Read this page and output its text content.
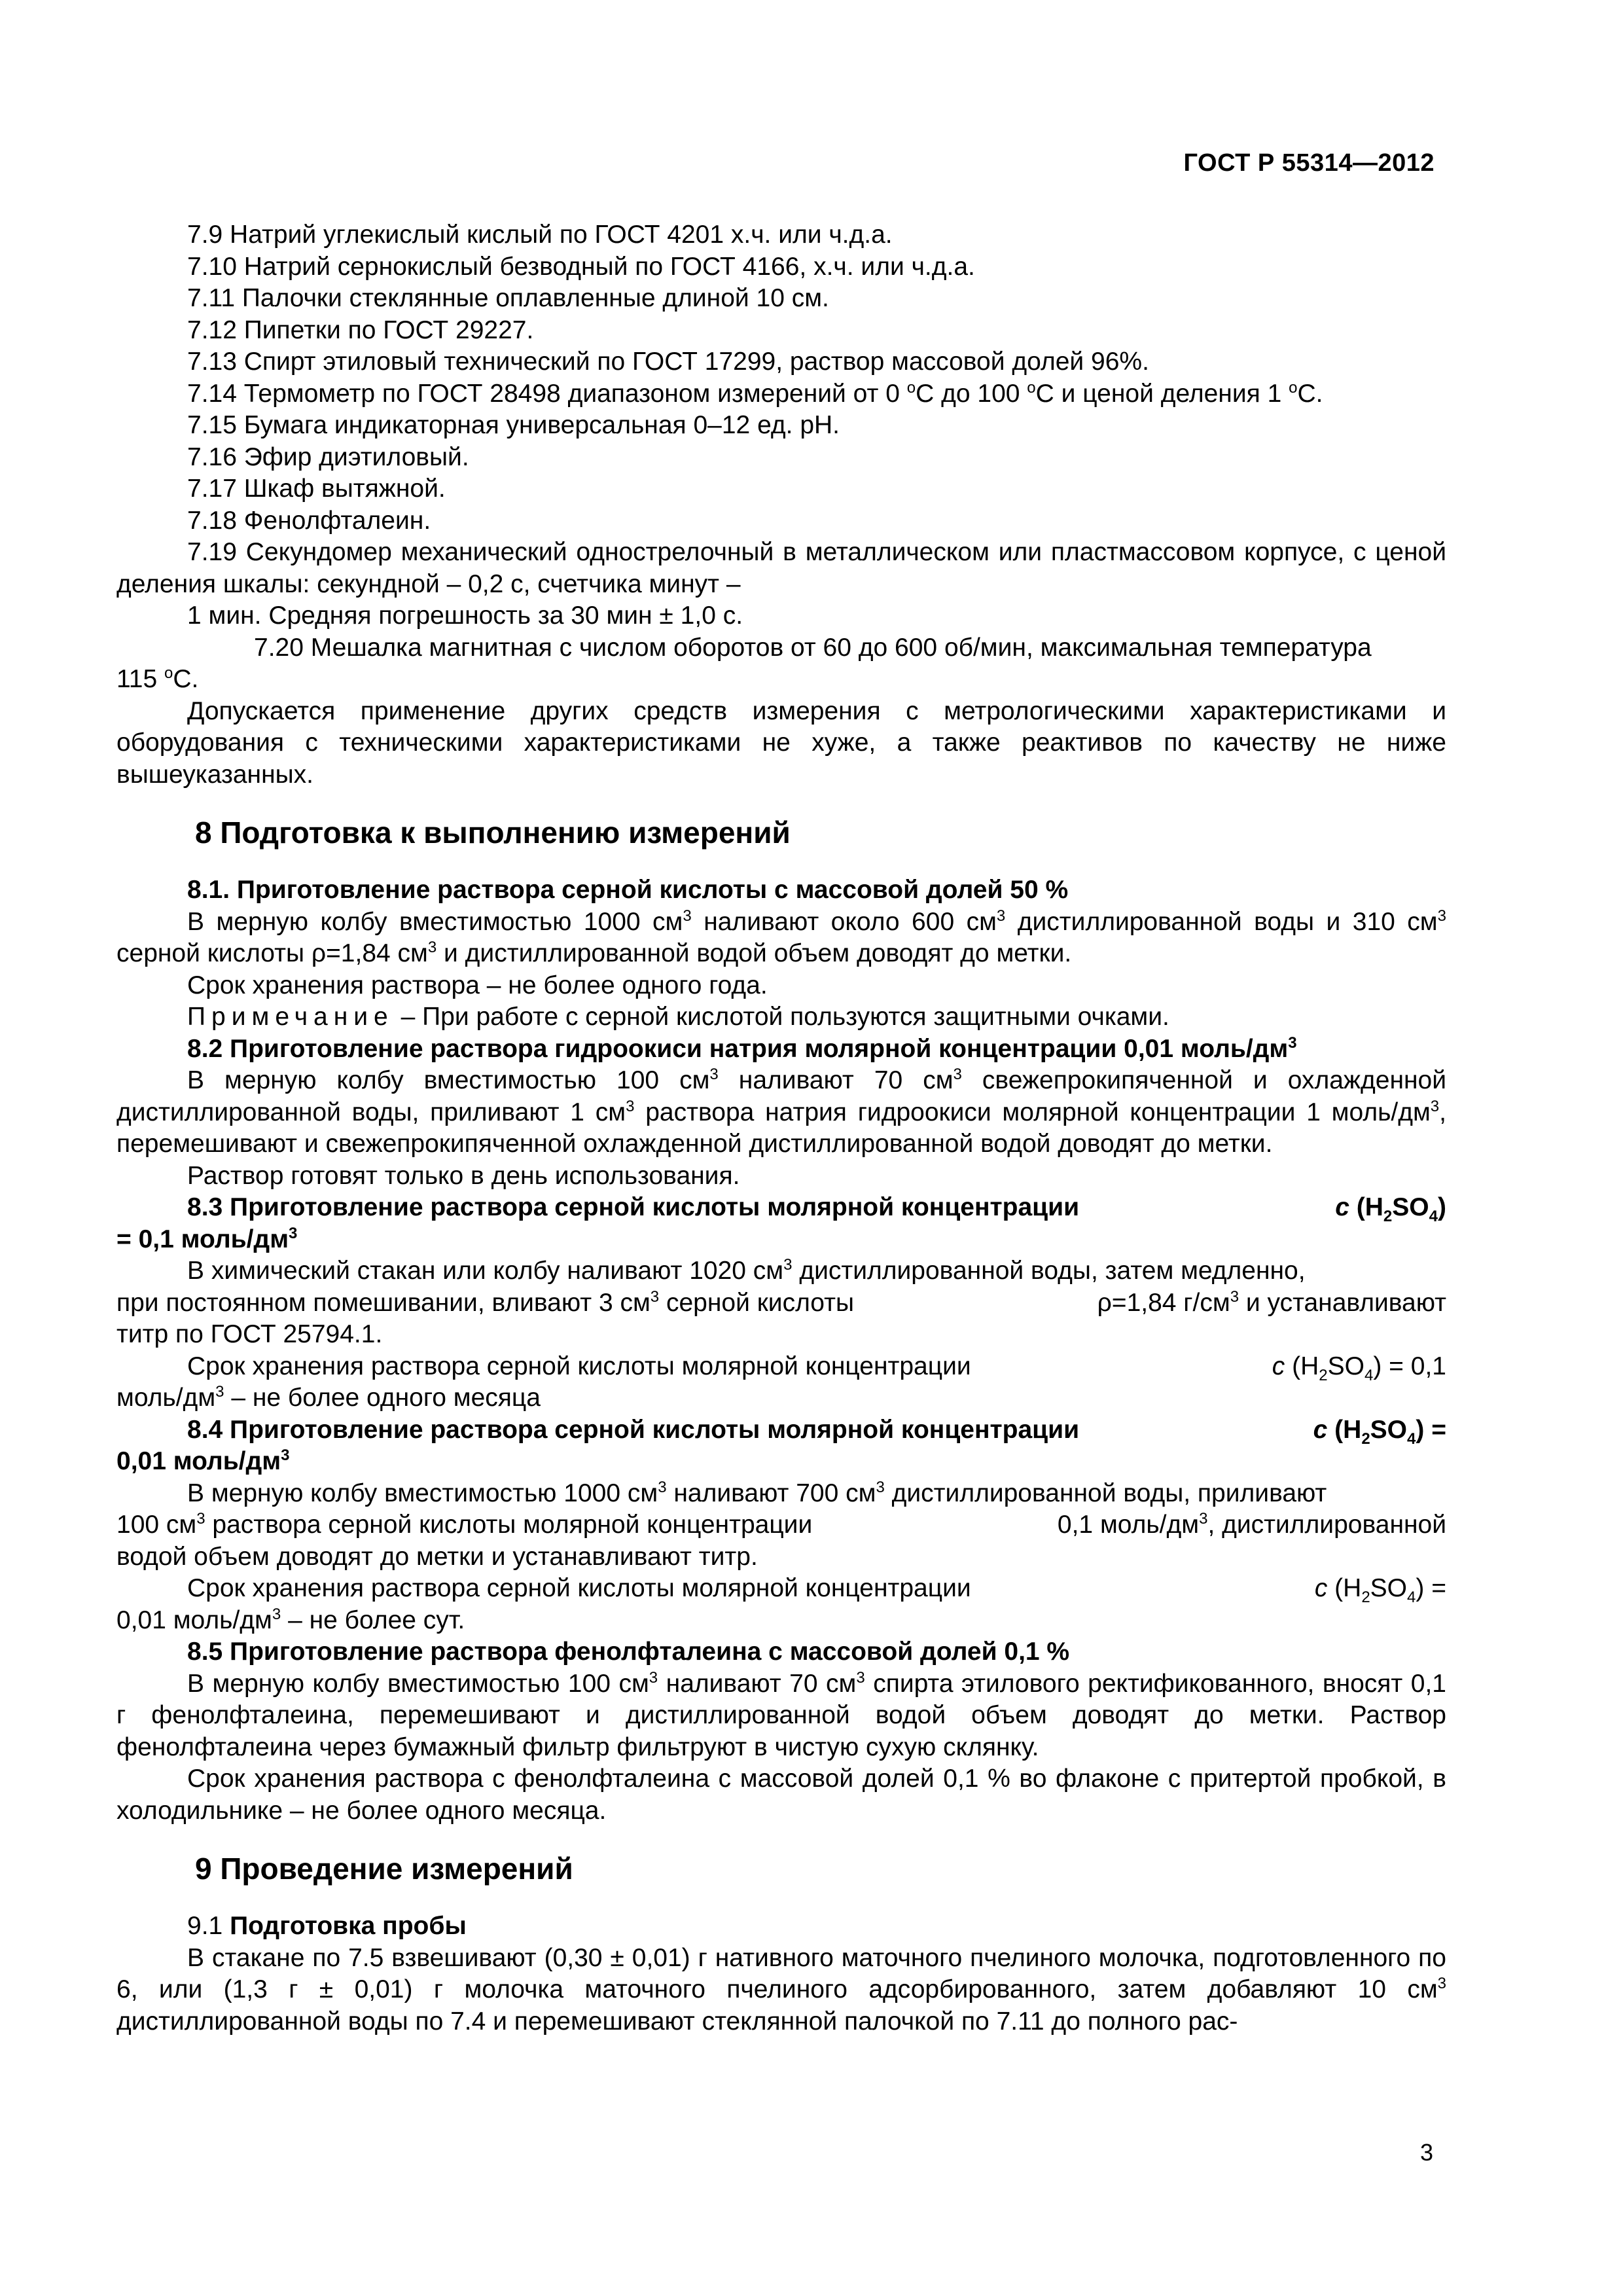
ГОСТ Р 55314—2012

7.9 Натрий углекислый кислый по ГОСТ 4201 х.ч. или ч.д.а.

7.10 Натрий сернокислый безводный по ГОСТ 4166, х.ч. или ч.д.а.

7.11 Палочки стеклянные оплавленные длиной 10 см.

7.12 Пипетки по ГОСТ 29227.

7.13 Спирт этиловый технический по ГОСТ 17299, раствор массовой долей 96%.

7.14 Термометр по ГОСТ 28498 диапазоном измерений от 0 $^o$С до 100 $^o$С и ценой деления 1 $^o$С.

7.15 Бумага индикаторная универсальная 0–12 ед. pH.

7.16 Эфир диэтиловый.

7.17 Шкаф вытяжной.

7.18 Фенолфталеин.

7.19 Секундомер механический однострелочный в металлическом или пластмассовом корпусе, с ценой деления шкалы: секундной – 0,2 с, счетчика минут –

1 мин. Средняя погрешность за 30 мин ± 1,0 с.

7.20 Мешалка магнитная с числом оборотов от 60 до 600 об/мин, максимальная температура

115 $^o$С.

Допускается применение других средств измерения с метрологическими характеристиками и оборудования с техническими характеристиками не хуже, а также реактивов по качеству не ниже вышеуказанных.

8 Подготовка к выполнению измерений

8.1. Приготовление раствора серной кислоты с массовой долей 50 %

В мерную колбу вместимостью 1000 $см^3$ наливают около 600 $см^3$ дистиллированной воды и 310 $см^3$ серной кислоты ρ=1,84 $см^3$ и дистиллированной водой объем доводят до метки.

Срок хранения раствора – не более одного года.

Примечание – При работе с серной кислотой пользуются защитными очками.

8.2 Приготовление раствора гидроокиси натрия молярной концентрации 0,01 моль/$дм^3$

В мерную колбу вместимостью 100 $см^3$ наливают 70 $см^3$ свежепрокипяченной и охлажденной дистиллированной воды, приливают 1 $см^3$ раствора натрия гидроокиси молярной концентрации 1 моль/$дм^3$, перемешивают и свежепрокипяченной охлажденной дистиллированной водой доводят до метки.

Раствор готовят только в день использования.

8.3 Приготовление раствора серной кислоты молярной концентрации	c $(H_2SO_4)$

= 0,1 моль/$дм^3$

В химический стакан или колбу наливают 1020 $см^3$ дистиллированной воды, затем медленно,

при постоянном помешивании, вливают 3 $см^3$ серной кислоты	ρ=1,84 $г/см^3$ и устанавливают

титр по ГОСТ 25794.1.

Срок хранения раствора серной кислоты молярной концентрации	c $(H_2SO_4) = 0,1$

моль/$дм^3$ – не более одного месяца

8.4 Приготовление раствора серной кислоты молярной концентрации	c $(H_2SO_4)$ =

0,01 моль/$дм^3$

В мерную колбу вместимостью 1000 $см^3$ наливают 700 $см^3$ дистиллированной воды, приливают

100 $см^3$ раствора серной кислоты молярной концентрации	0,1 моль/$дм^3$, дистиллированной

водой объем доводят до метки и устанавливают титр.

Срок хранения раствора серной кислоты молярной концентрации	c $(H_2SO_4)$ =

0,01 моль/$дм^3$ – не более сут.

8.5 Приготовление раствора фенолфталеина с массовой долей 0,1 %

В мерную колбу вместимостью 100 $см^3$ наливают 70 $см^3$ спирта этилового ректификованного, вносят 0,1 г фенолфталеина, перемешивают и дистиллированной водой объем доводят до метки. Раствор фенолфталеина через бумажный фильтр фильтруют в чистую сухую склянку.

Срок хранения раствора с фенолфталеина с массовой долей 0,1 % во флаконе с притертой пробкой, в холодильнике – не более одного месяца.

9 Проведение измерений

9.1 Подготовка пробы

В стакане по 7.5 взвешивают (0,30 ± 0,01) г нативного маточного пчелиного молочка, подготовленного по 6, или (1,3 г ± 0,01) г молочка маточного пчелиного адсорбированного, затем добавляют 10 $см^3$ дистиллированной воды по 7.4 и перемешивают стеклянной палочкой по 7.11 до полного рас-

3
